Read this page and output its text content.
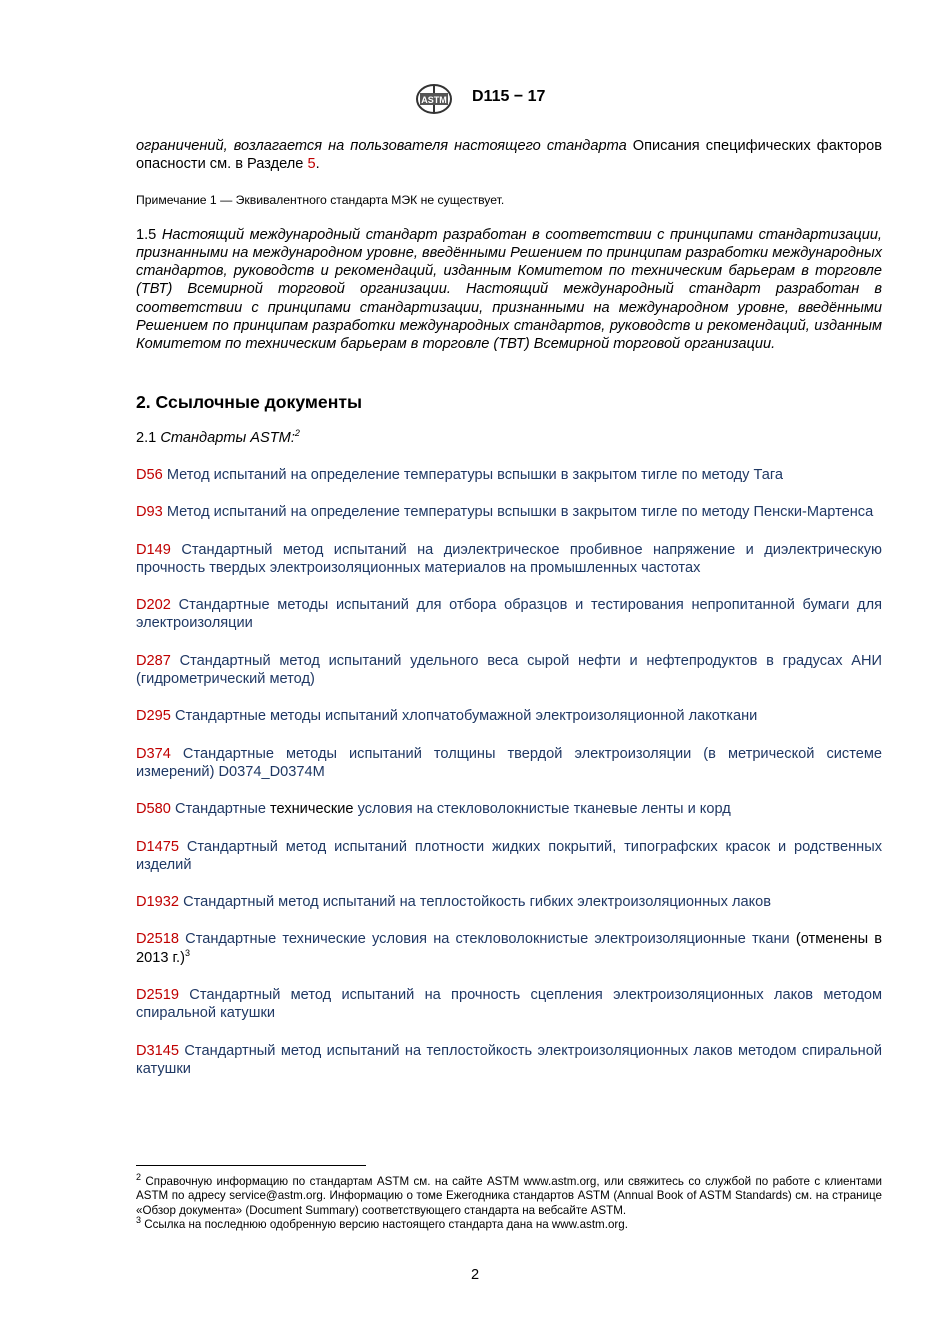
ASTM D115 − 17

ограничений, возлагается на пользователя настоящего стандарта Описания специфических факторов опасности см. в Разделе 5.

Примечание 1 — Эквивалентного стандарта МЭК не существует.

1.5 Настоящий международный стандарт разработан в соответствии с принципами стандартизации, признанными на международном уровне, введёнными Решением по принципам разработки международных стандартов, руководств и рекомендаций, изданным Комитетом по техническим барьерам в торговле (ТВТ) Всемирной торговой организации. Настоящий международный стандарт разработан в соответствии с принципами стандартизации, признанными на международном уровне, введёнными Решением по принципам разработки международных стандартов, руководств и рекомендаций, изданным Комитетом по техническим барьерам в торговле (ТВТ) Всемирной торговой организации.

2. Ссылочные документы

2.1 Стандарты ASTM:$^2$

D56 Метод испытаний на определение температуры вспышки в закрытом тигле по методу Тага

D93 Метод испытаний на определение температуры вспышки в закрытом тигле по методу Пенски-Мартенса

D149 Стандартный метод испытаний на диэлектрическое пробивное напряжение и диэлектрическую прочность твердых электроизоляционных материалов на промышленных частотах

D202 Стандартные методы испытаний для отбора образцов и тестирования непропитанной бумаги для электроизоляции

D287 Стандартный метод испытаний удельного веса сырой нефти и нефтепродуктов в градусах АНИ (гидрометрический метод)

D295 Стандартные методы испытаний хлопчатобумажной электроизоляционной лакоткани

D374 Стандартные методы испытаний толщины твердой электроизоляции (в метрической системе измерений) D0374_D0374M

D580 Стандартные технические условия на стекловолокнистые тканевые ленты и корд

D1475 Стандартный метод испытаний плотности жидких покрытий, типографских красок и родственных изделий

D1932 Стандартный метод испытаний на теплостойкость гибких электроизоляционных лаков

D2518 Стандартные технические условия на стекловолокнистые электроизоляционные ткани (отменены в 2013 г.)$^3$

D2519 Стандартный метод испытаний на прочность сцепления электроизоляционных лаков методом спиральной катушки

D3145 Стандартный метод испытаний на теплостойкость электроизоляционных лаков методом спиральной катушки

$^2$ Справочную информацию по стандартам ASTM см. на сайте ASTM www.astm.org, или свяжитесь со службой по работе с клиентами ASTM по адресу service@astm.org. Информацию о томе Ежегодника стандартов ASTM (Annual Book of ASTM Standards) см. на странице «Обзор документа» (Document Summary) соответствующего стандарта на вебсайте ASTM.

$^3$ Ссылка на последнюю одобренную версию настоящего стандарта дана на www.astm.org.

2
